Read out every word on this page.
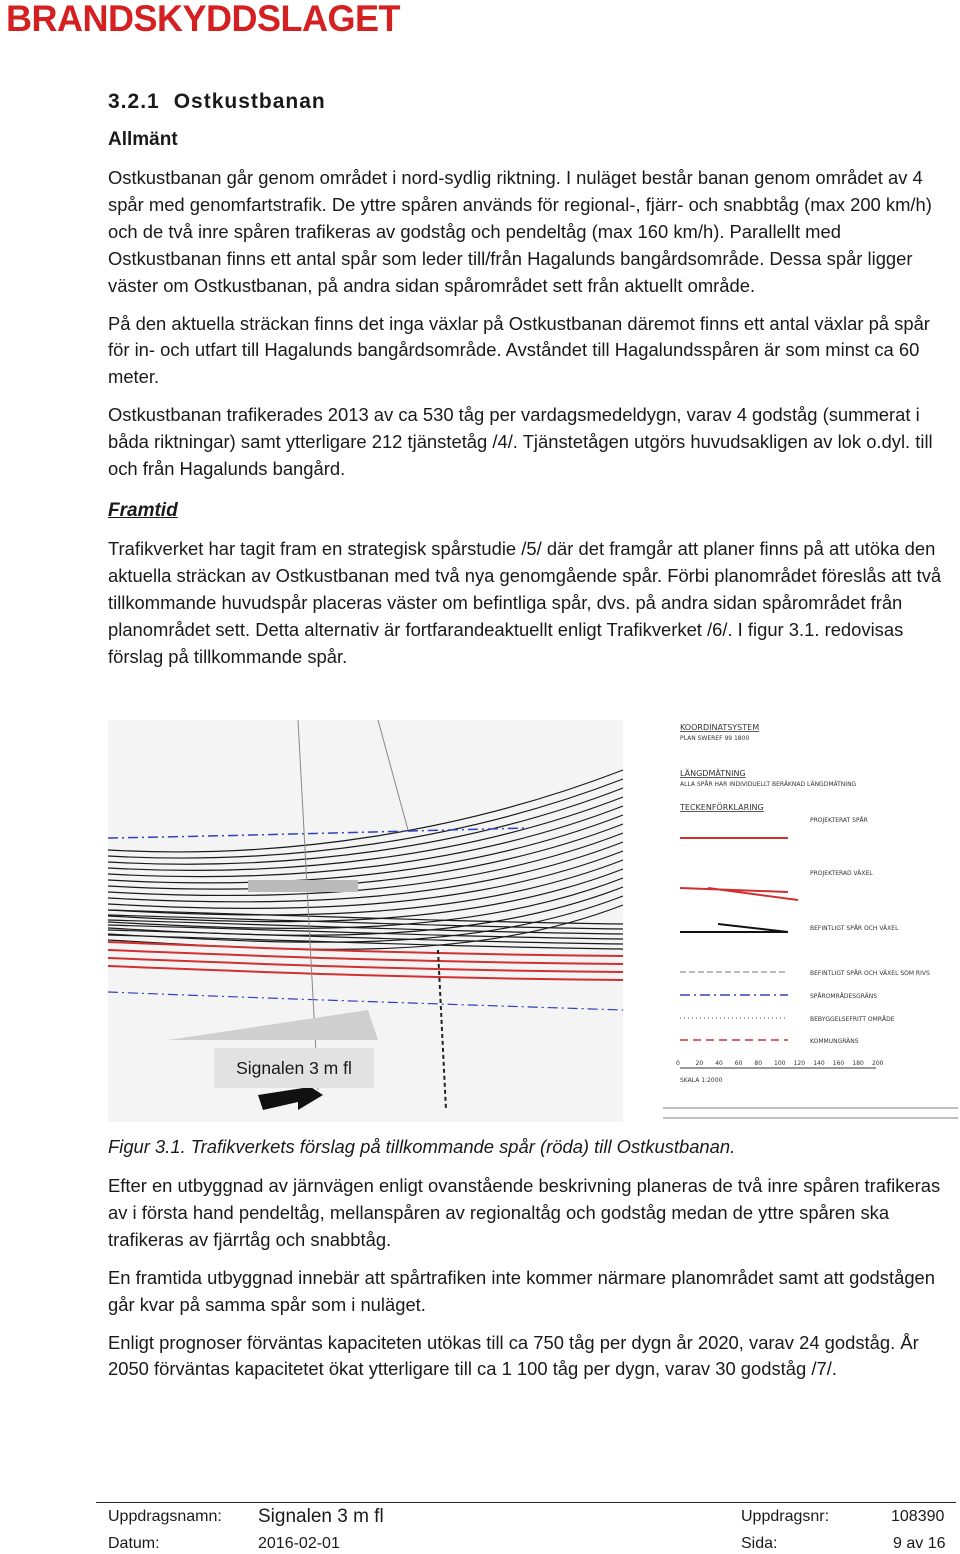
BRANDSKYDDSLAGET
3.2.1 Ostkustbanan
Allmänt

Ostkustbanan går genom området i nord-sydlig riktning. I nuläget består banan genom området av 4 spår med genomfartstrafik. De yttre spåren används för regional-, fjärr- och snabbtåg (max 200 km/h) och de två inre spåren trafikeras av godståg och pendeltåg (max 160 km/h). Parallellt med Ostkustbanan finns ett antal spår som leder till/från Hagalunds bangårdsområde. Dessa spår ligger väster om Ostkustbanan, på andra sidan spårområdet sett från aktuellt område.

På den aktuella sträckan finns det inga växlar på Ostkustbanan däremot finns ett antal växlar på spår för in- och utfart till Hagalunds bangårdsområde. Avståndet till Hagalundsspåren är som minst ca 60 meter.

Ostkustbanan trafikerades 2013 av ca 530 tåg per vardagsmedeldygn, varav 4 godståg (summerat i båda riktningar) samt ytterligare 212 tjänstetåg /4/. Tjänstetågen utgörs huvudsakligen av lok o.dyl. till och från Hagalunds bangård.

Framtid

Trafikverket har tagit fram en strategisk spårstudie /5/ där det framgår att planer finns på att utöka den aktuella sträckan av Ostkustbanan med två nya genomgående spår. Förbi planområdet föreslås att två tillkommande huvudspår placeras väster om befintliga spår, dvs. på andra sidan spårområdet från planområdet sett. Detta alternativ är fortfarandeaktuellt enligt Trafikverket /6/. I figur 3.1. redovisas förslag på tillkommande spår.

KOORDINATSYSTEM
PLAN SWEREF 99 1800
LÄNGDMÄTNING
ALLA SPÅR HAR INDIVIDUELLT BERÄKNAD LÄNGDMÄTNING
TECKENFÖRKLARING
PROJEKTERAT SPÅR
PROJEKTERAD VÄXEL
BEFINTLIGT SPÅR OCH VÄXEL
BEFINTLIGT SPÅR OCH VÄXEL SOM RIVS
SPÅROMRÅDESGRÄNS
BEBYGGELSEFRITT OMRÅDE
KOMMUNGRÄNS
0	20 40 60 80 100 120 140 160 180 200
SKALA 1:2000
Signalen 3 m fl
Figur 3.1. Trafikverkets förslag på tillkommande spår (röda) till Ostkustbanan.

Efter en utbyggnad av järnvägen enligt ovanstående beskrivning planeras de två inre spåren trafikeras av i första hand pendeltåg, mellanspåren av regionaltåg och godståg medan de yttre spåren ska trafikeras av fjärrtåg och snabbtåg.

En framtida utbyggnad innebär att spårtrafiken inte kommer närmare planområdet samt att godstågen går kvar på samma spår som i nuläget.

Enligt prognoser förväntas kapaciteten utökas till ca 750 tåg per dygn år 2020, varav 24 godståg. År 2050 förväntas kapacitetet ökat ytterligare till ca 1 100 tåg per dygn, varav 30 godståg /7/.

Uppdragsnamn: Signalen 3 m fl	Uppdragsnr:	108390
Datum:	2016-02-01	Sida:	9 av 16
